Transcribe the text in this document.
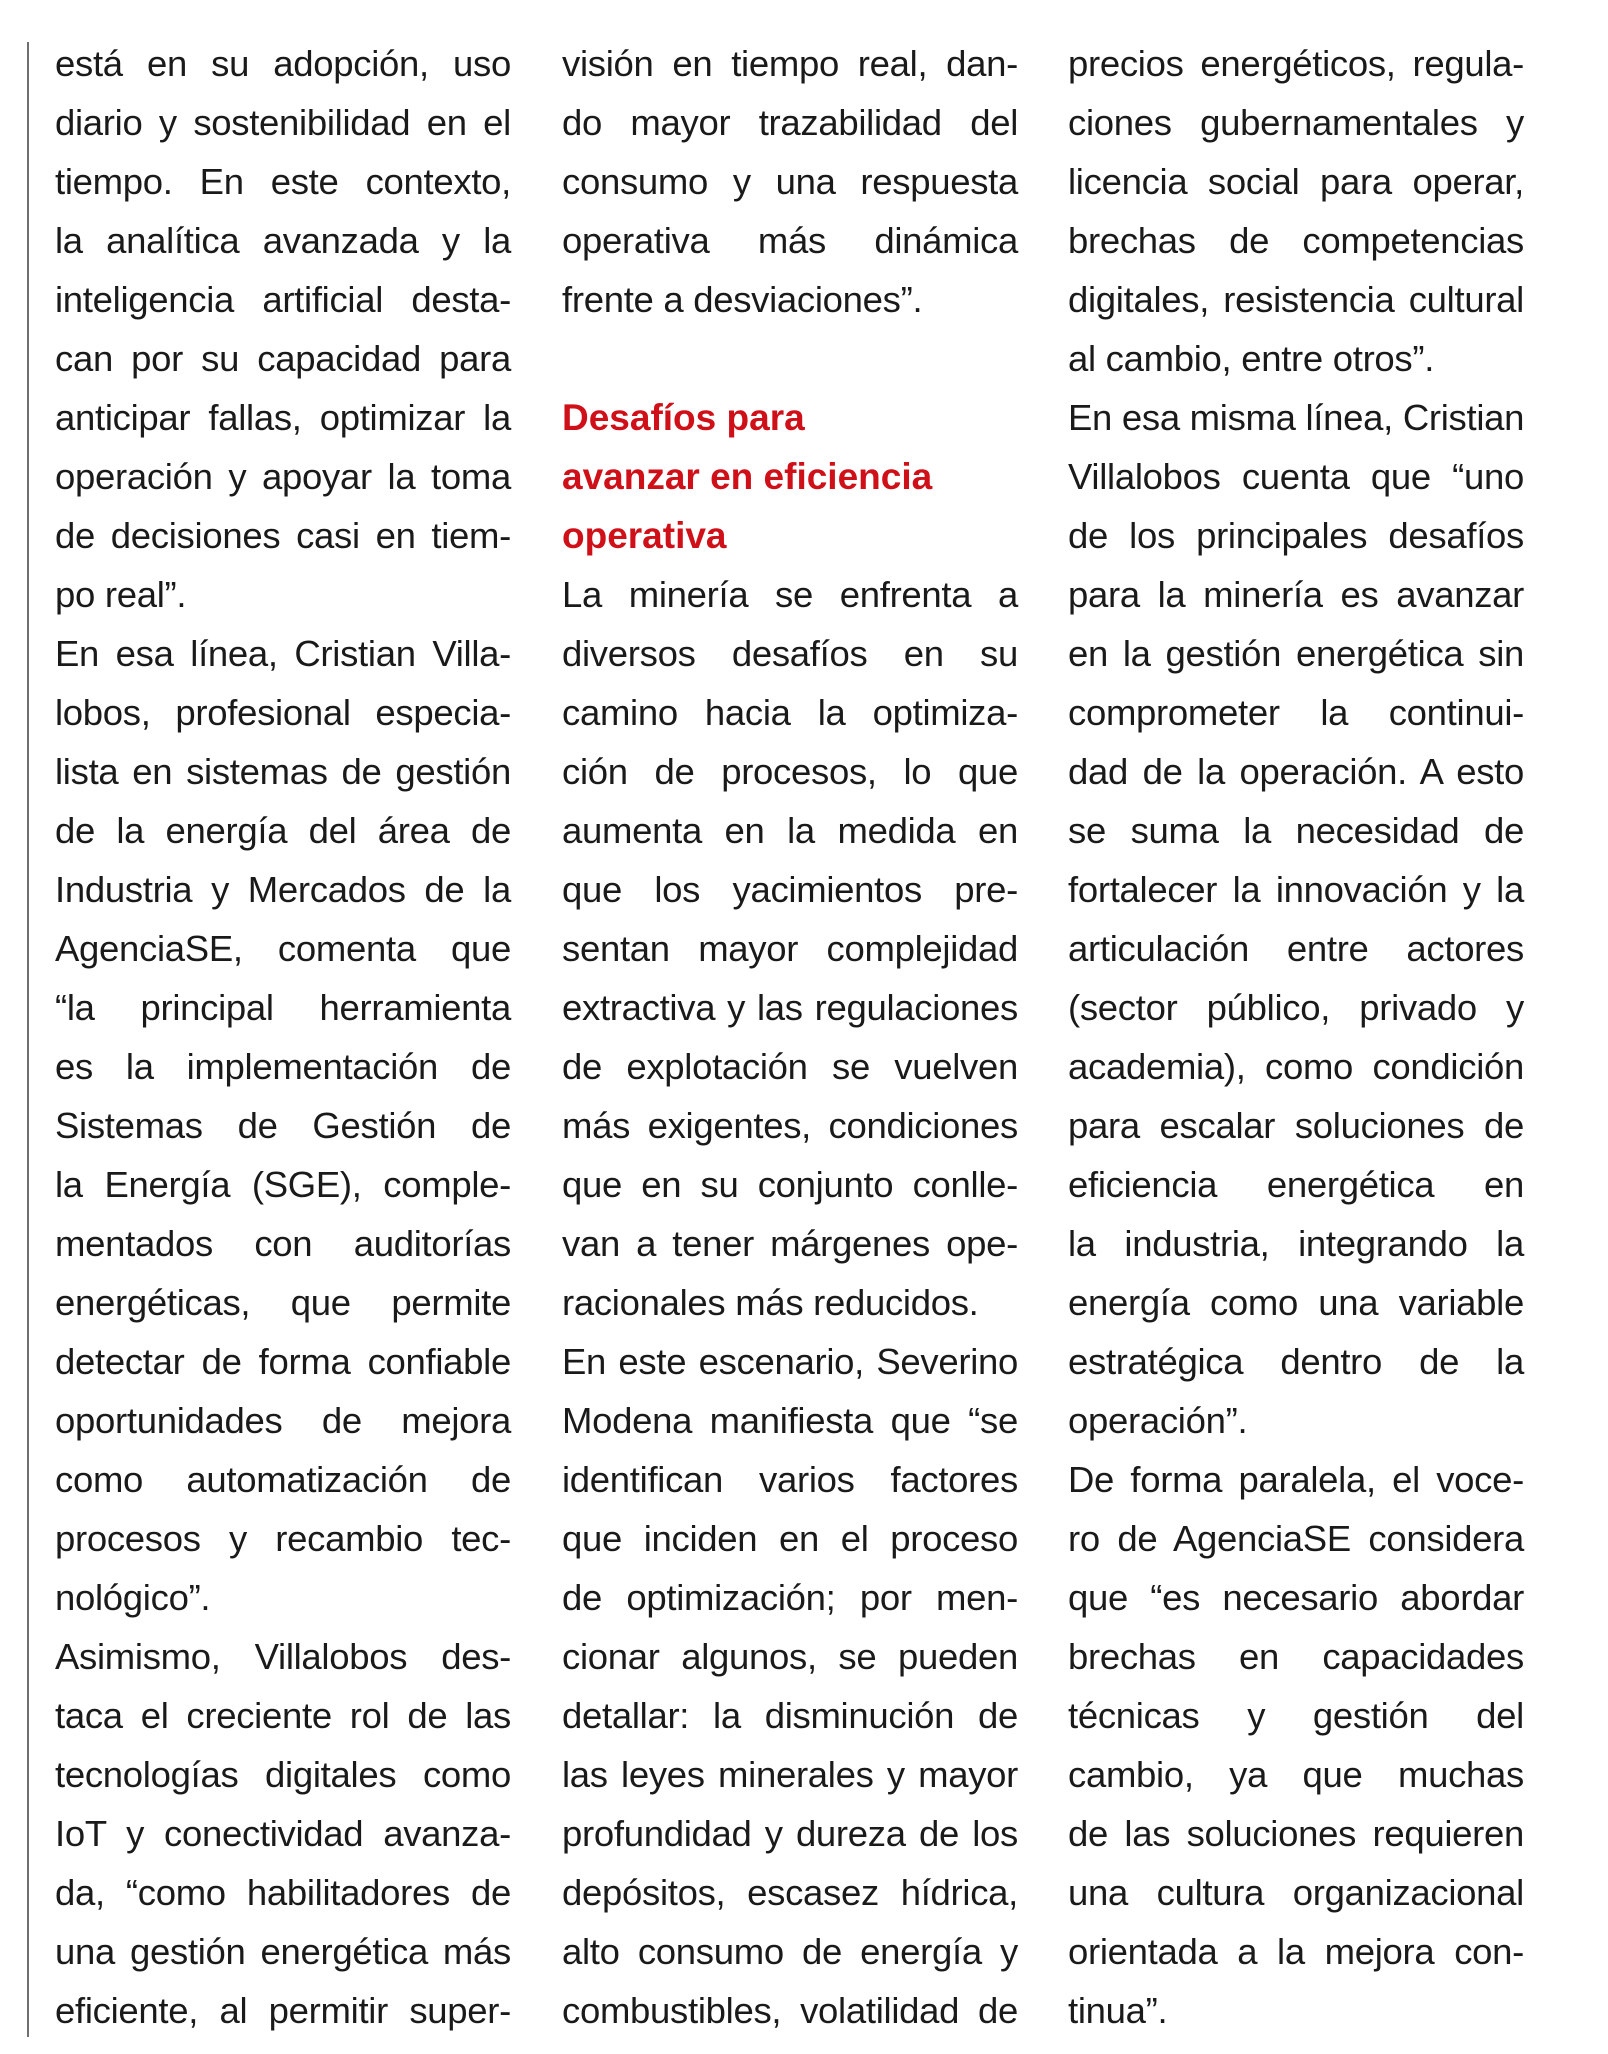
está en su adopción, uso
diario y sostenibilidad en el
tiempo. En este contexto,
la analítica avanzada y la
inteligencia artificial desta-
can por su capacidad para
anticipar fallas, optimizar la
operación y apoyar la toma
de decisiones casi en tiem-
po real”.
En esa línea, Cristian Villa-
lobos, profesional especia-
lista en sistemas de gestión
de la energía del área de
Industria y Mercados de la
AgenciaSE, comenta que
“la principal herramienta
es la implementación de
Sistemas de Gestión de
la Energía (SGE), comple-
mentados con auditorías
energéticas, que permite
detectar de forma confiable
oportunidades de mejora
como automatización de
procesos y recambio tec-
nológico”.
Asimismo, Villalobos des-
taca el creciente rol de las
tecnologías digitales como
IoT y conectividad avanza-
da, “como habilitadores de
una gestión energética más
eficiente, al permitir super-
visión en tiempo real, dan-
do mayor trazabilidad del
consumo y una respuesta
operativa más dinámica
frente a desviaciones”.
Desafíos para
avanzar en eficiencia
operativa
La minería se enfrenta a
diversos desafíos en su
camino hacia la optimiza-
ción de procesos, lo que
aumenta en la medida en
que los yacimientos pre-
sentan mayor complejidad
extractiva y las regulaciones
de explotación se vuelven
más exigentes, condiciones
que en su conjunto conlle-
van a tener márgenes ope-
racionales más reducidos.
En este escenario, Severino
Modena manifiesta que “se
identifican varios factores
que inciden en el proceso
de optimización; por men-
cionar algunos, se pueden
detallar: la disminución de
las leyes minerales y mayor
profundidad y dureza de los
depósitos, escasez hídrica,
alto consumo de energía y
combustibles, volatilidad de
precios energéticos, regula-
ciones gubernamentales y
licencia social para operar,
brechas de competencias
digitales, resistencia cultural
al cambio, entre otros”.
En esa misma línea, Cristian
Villalobos cuenta que “uno
de los principales desafíos
para la minería es avanzar
en la gestión energética sin
comprometer la continui-
dad de la operación. A esto
se suma la necesidad de
fortalecer la innovación y la
articulación entre actores
(sector público, privado y
academia), como condición
para escalar soluciones de
eficiencia energética en
la industria, integrando la
energía como una variable
estratégica dentro de la
operación”.
De forma paralela, el voce-
ro de AgenciaSE considera
que “es necesario abordar
brechas en capacidades
técnicas y gestión del
cambio, ya que muchas
de las soluciones requieren
una cultura organizacional
orientada a la mejora con-
tinua”.
